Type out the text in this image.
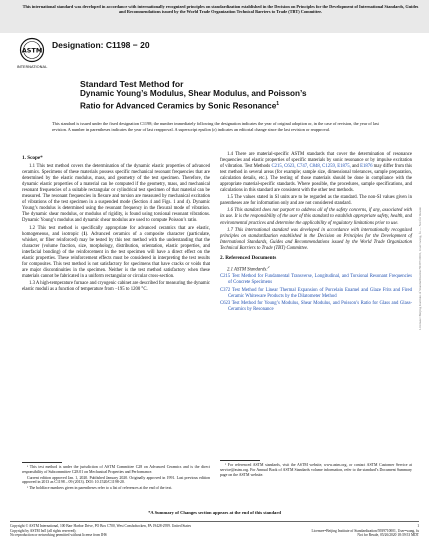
This international standard was developed in accordance with internationally recognized principles on standardization established in the Decision on Principles for the Development of International Standards, Guides and Recommendations issued by the World Trade Organization Technical Barriers to Trade (TBT) Committee.

ASTM
INTERNATIONAL
Designation: C1198 − 20
Standard Test Method for
Dynamic Young’s Modulus, Shear Modulus, and Poisson’s
Ratio for Advanced Ceramics by Sonic Resonance$^1$
This standard is issued under the fixed designation C1198; the number immediately following the designation indicates the year of original adoption or, in the case of revision, the year of last revision. A number in parentheses indicates the year of last reapproval. A superscript epsilon (ε) indicates an editorial change since the last revision or reapproval.

1. Scope*

1.1 This test method covers the determination of the dynamic elastic properties of advanced ceramics. Specimens of these materials possess specific mechanical resonant frequencies that are determined by the elastic modulus, mass, and geometry of the test specimen. Therefore, the dynamic elastic properties of a material can be computed if the geometry, mass, and mechanical resonant frequencies of a suitable rectangular or cylindrical test specimen of that material can be measured. The resonant frequencies in flexure and torsion are measured by mechanical excitation of vibrations of the test specimen in a suspended mode (Section 4 and Figs. 1 and 4). Dynamic Young’s modulus is determined using the resonant frequency in the flexural mode of vibration. The dynamic shear modulus, or modulus of rigidity, is found using torsional resonant vibrations. Dynamic Young’s modulus and dynamic shear modulus are used to compute Poisson’s ratio.

1.2 This test method is specifically appropriate for advanced ceramics that are elastic, homogeneous, and isotropic (1). Advanced ceramics of a composite character (particulate, whisker, or fiber reinforced) may be tested by this test method with the understanding that the character (volume fraction, size, morphology, distribution, orientation, elastic properties, and interfacial bonding) of the reinforcement in the test specimen will have a direct effect on the elastic properties. These reinforcement effects must be considered in interpreting the test results for composites. This test method is not satisfactory for specimens that have cracks or voids that are major discontinuities in the specimen. Neither is the test method satisfactory when these materials cannot be fabricated in a uniform rectangular or circular cross-section.

1.3 A high-temperature furnace and cryogenic cabinet are described for measuring the dynamic elastic moduli as a function of temperature from −195 to 1200 °C.

1.4 There are material-specific ASTM standards that cover the determination of resonance frequencies and elastic properties of specific materials by sonic resonance or by impulse excitation of vibration. Test Methods C215, C623, C747, C848, C1259, E1875, and E1876 may differ from this test method in several areas (for example; sample size, dimensional tolerances, sample preparation, calculation details, etc.). The testing of those materials should be done in compliance with the appropriate material-specific standards. Where possible, the procedures, sample specifications, and calculations in this standard are consistent with the other test methods.

1.5 The values stated in SI units are to be regarded as the standard. The non-SI values given in parentheses are for information only and are not considered standard.

1.6 This standard does not purport to address all of the safety concerns, if any, associated with its use. It is the responsibility of the user of this standard to establish appropriate safety, health, and environmental practices and determine the applicability of regulatory limitations prior to use.

1.7 This international standard was developed in accordance with internationally recognized principles on standardization established in the Decision on Principles for the Development of International Standards, Guides and Recommendations issued by the World Trade Organization Technical Barriers to Trade (TBT) Committee.

2. Referenced Documents

2.1 ASTM Standards:$^2$

C215 Test Method for Fundamental Transverse, Longitudinal, and Torsional Resonant Frequencies of Concrete Specimens

C372 Test Method for Linear Thermal Expansion of Porcelain Enamel and Glaze Frits and Fired Ceramic Whiteware Products by the Dilatometer Method

C623 Test Method for Young’s Modulus, Shear Modulus, and Poisson’s Ratio for Glass and Glass-Ceramics by Resonance

¹ This test method is under the jurisdiction of ASTM Committee C28 on Advanced Ceramics and is the direct responsibility of Subcommittee C28.01 on Mechanical Properties and Performance.

Current edition approved Jan. 1, 2020. Published January 2020. Originally approved in 1991. Last previous edition approved in 2013 as C1198 – 09 (2013). DOI: 10.1520/C1198-20.

² The boldface numbers given in parentheses refer to a list of references at the end of the text.

² For referenced ASTM standards, visit the ASTM website, www.astm.org, or contact ASTM Customer Service at service@astm.org. For Annual Book of ASTM Standards volume information, refer to the standard’s Document Summary page on the ASTM website.

*A Summary of Changes section appears at the end of this standard
Copyright © ASTM International, 100 Barr Harbor Drive, PO Box C700, West Conshohocken, PA 19428-2959. United States	1
Copyright by ASTM Int'l (all rights reserved);	Licensee=Beijing Institute of Standardization/5939710001, User=wang, fu
No reproduction or networking permitted without license from IHS	Not for Resale, 05/26/2020 18:39:53 MDT
Licensee=Beijing Institute of Standardization/5939710001, User=wang, fu — Not for Resale
